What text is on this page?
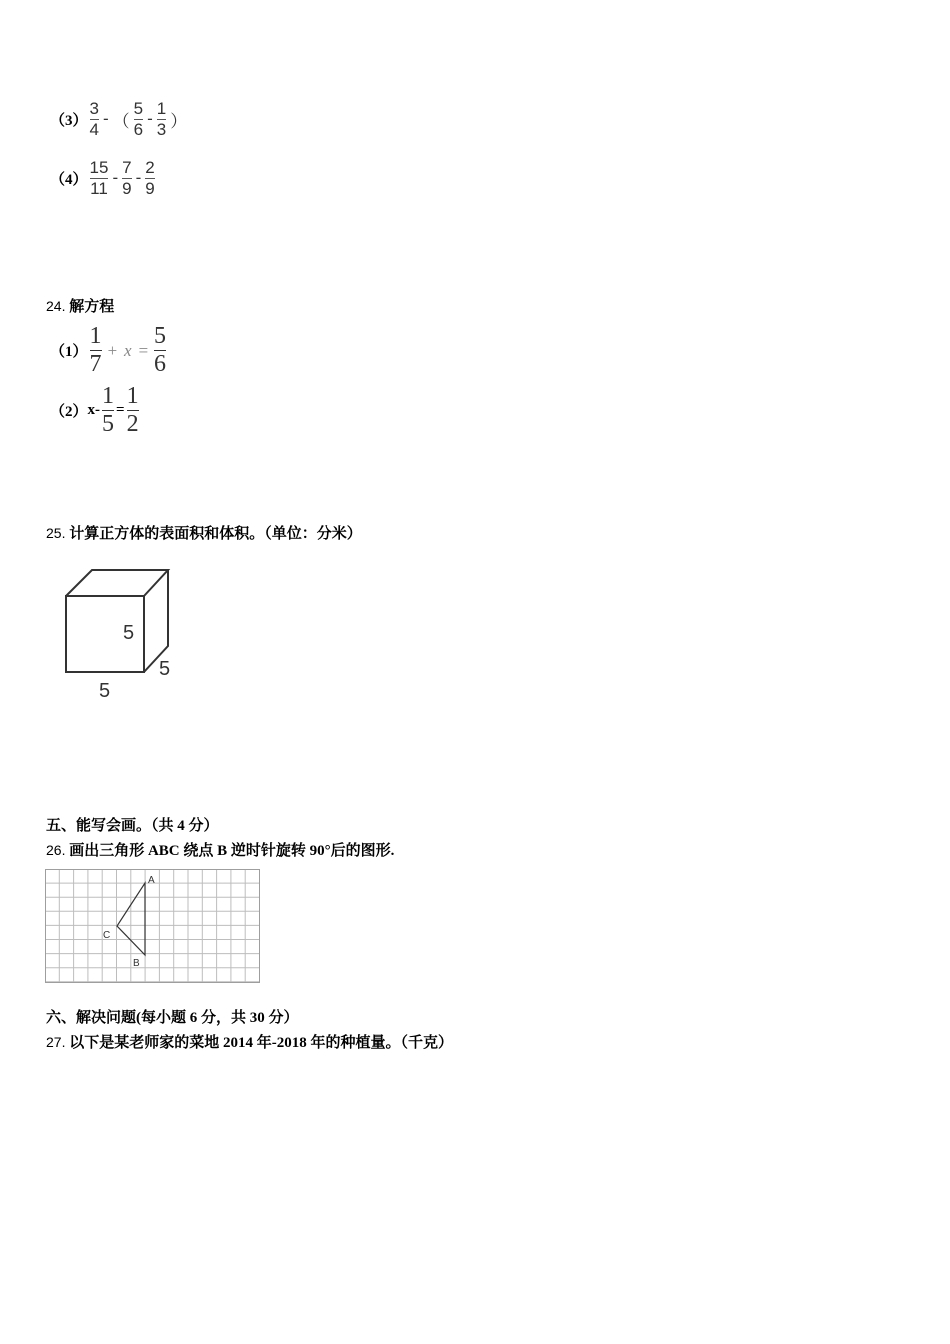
$(3) \frac{3}{4}$ - （ $\frac{5}{6} - \frac{1}{3}$ ）
$(4) \frac{15}{11} - \frac{7}{9} - \frac{2}{9}$
24. 解方程
$(1) \frac{1}{7} + x = \frac{5}{6}$
（2） $x- \frac{1}{5} = \frac{1}{2}$
25. 计算正方体的表面积和体积。（单位：分米）
5
5
5
五、能写会画。（共 4 分）
26. 画出三角形 ABC 绕点 B 逆时针旋转 90°后的图形.
A
B
C
六、解决问题(每小题 6 分，共 30 分）
27. 以下是某老师家的菜地 2014 年-2018 年的种植量。（千克）
